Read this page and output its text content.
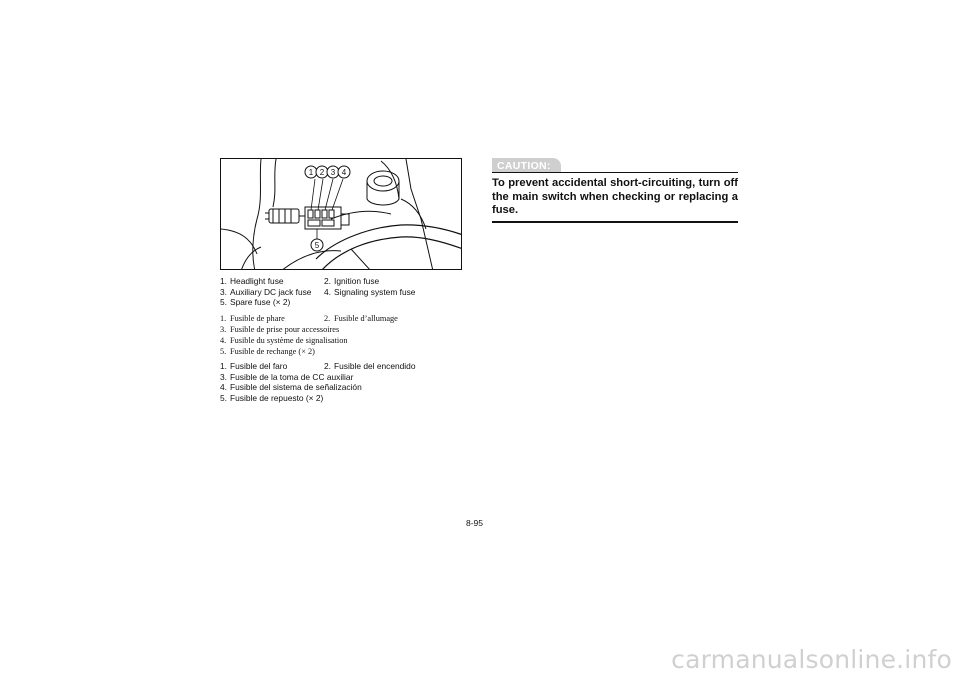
1 2 3 4
5
1. Headlight fuse	2. Ignition fuse
3. Auxiliary DC jack fuse 4. Signaling system fuse
5. Spare fuse (× 2)
1. Fusible de phare	2. Fusible d’allumage
3. Fusible de prise pour accessoires
4. Fusible du système de signalisation
5. Fusible de rechange (× 2)
1. Fusible del faro	2. Fusible del encendido
3. Fusible de la toma de CC auxiliar
4. Fusible del sistema de señalización
5. Fusible de repuesto (× 2)
CAUTION:
To prevent accidental short-circuiting, turn off the main switch when checking or replacing a fuse.
8-95
carmanualsonline.info
